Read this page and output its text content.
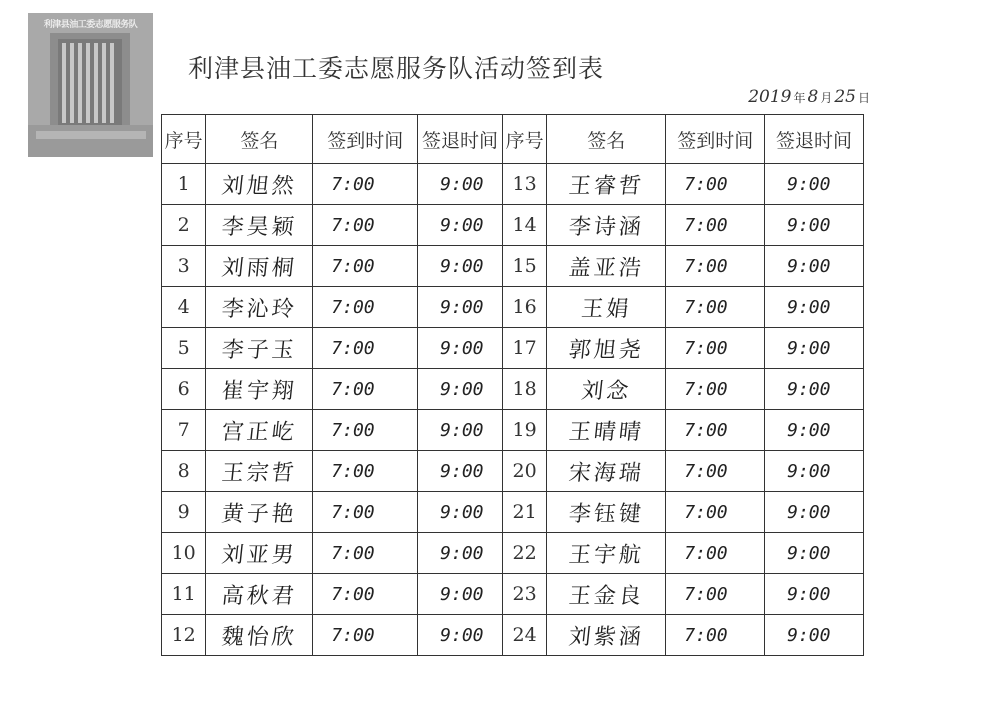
利津县油工委志愿服务队
利津县油工委志愿服务队活动签到表
2019 年 8 月 25 日
序号	签名	签到时间	签退时间	序号	签名	签到时间	签退时间
1	刘旭然	7:00	9:00	13	王睿哲	7:00	9:00
2	李昊颖	7:00	9:00	14	李诗涵	7:00	9:00
3	刘雨桐	7:00	9:00	15	盖亚浩	7:00	9:00
4	李沁玲	7:00	9:00	16	王娟	7:00	9:00
5	李子玉	7:00	9:00	17	郭旭尧	7:00	9:00
6	崔宇翔	7:00	9:00	18	刘念	7:00	9:00
7	宫正屹	7:00	9:00	19	王晴晴	7:00	9:00
8	王宗哲	7:00	9:00	20	宋海瑞	7:00	9:00
9	黄子艳	7:00	9:00	21	李钰键	7:00	9:00
10	刘亚男	7:00	9:00	22	王宇航	7:00	9:00
11	高秋君	7:00	9:00	23	王金良	7:00	9:00
12	魏怡欣	7:00	9:00	24	刘紫涵	7:00	9:00
